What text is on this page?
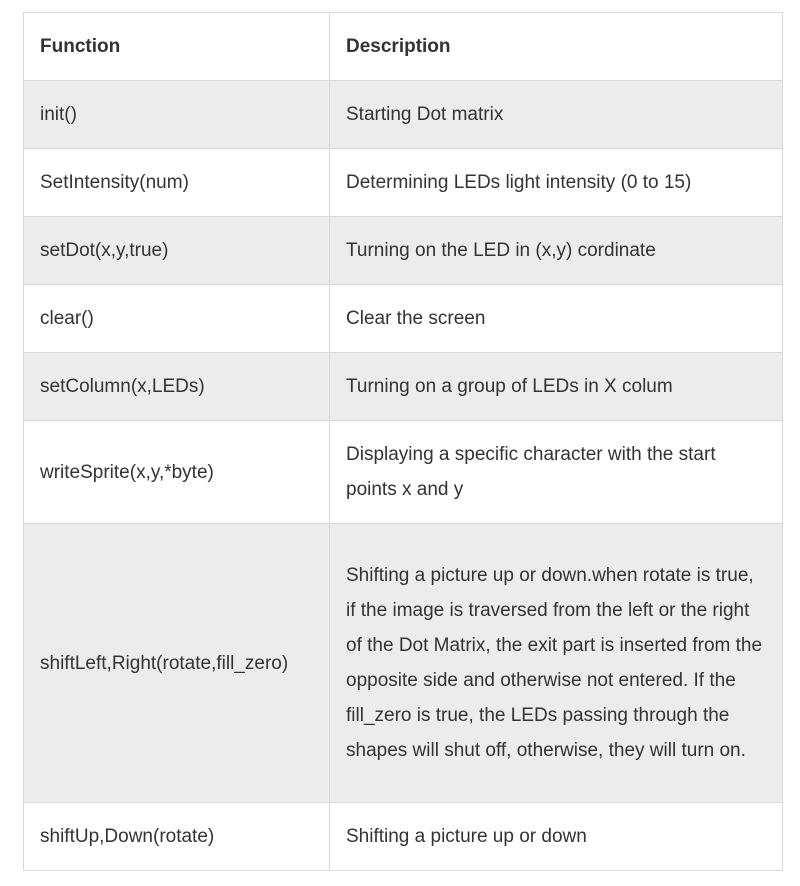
Function	Description
init()	Starting Dot matrix
SetIntensity(num)	Determining LEDs light intensity (0 to 15)
setDot(x,y,true)	Turning on the LED in (x,y) cordinate
clear()	Clear the screen
setColumn(x,LEDs)	Turning on a group of LEDs in X colum
writeSprite(x,y,*byte)	Displaying a specific character with the start points x and y
shiftLeft,Right(rotate,fill_zero)	Shifting a picture up or down.when rotate is true, if the image is traversed from the left or the right of the Dot Matrix, the exit part is inserted from the opposite side and otherwise not entered. If the fill_zero is true, the LEDs passing through the shapes will shut off, otherwise, they will turn on.
shiftUp,Down(rotate)	Shifting a picture up or down
